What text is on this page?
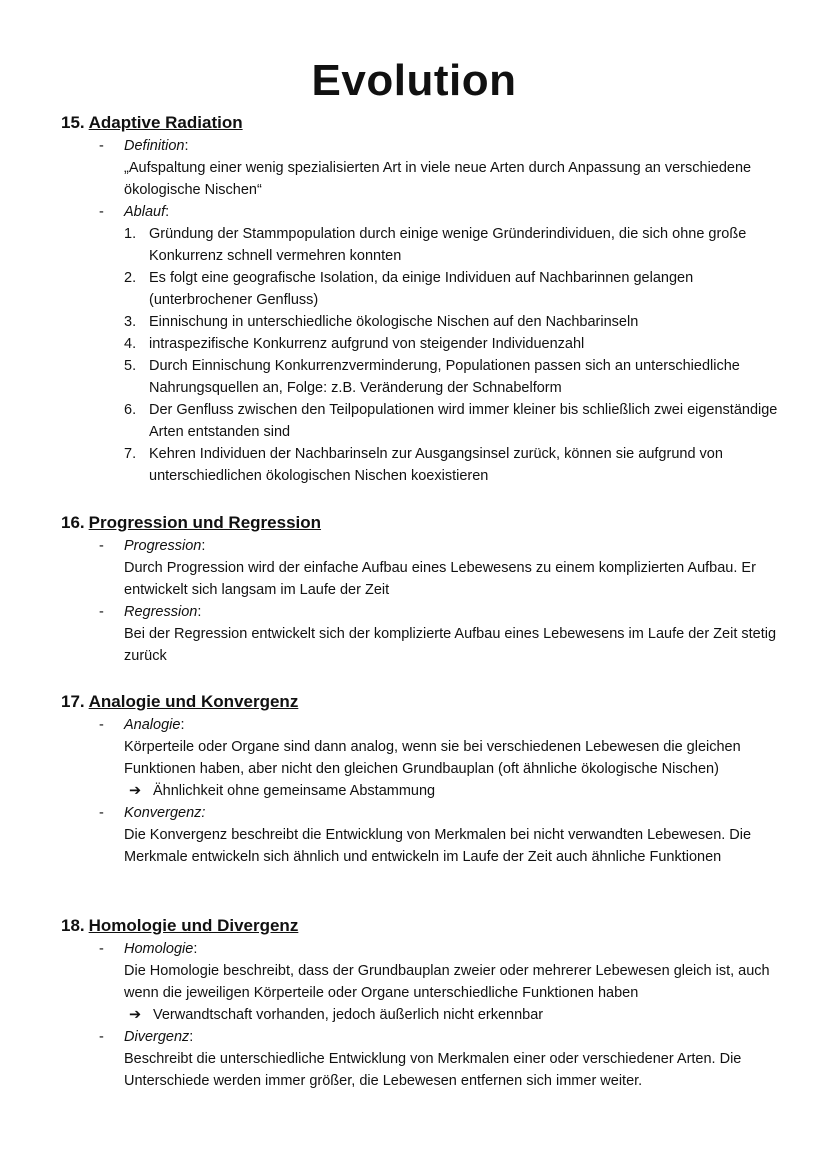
Evolution
15. Adaptive Radiation
- Definition:
„Aufspaltung einer wenig spezialisierten Art in viele neue Arten durch Anpassung an verschiedene ökologische Nischen“
- Ablauf:
1. Gründung der Stammpopulation durch einige wenige Gründerindividuen, die sich ohne große Konkurrenz schnell vermehren konnten
2. Es folgt eine geografische Isolation, da einige Individuen auf Nachbarinnen gelangen (unterbrochener Genfluss)
3. Einnischung in unterschiedliche ökologische Nischen auf den Nachbarinseln
4. intraspezifische Konkurrenz aufgrund von steigender Individuenzahl
5. Durch Einnischung Konkurrenzverminderung, Populationen passen sich an unterschiedliche Nahrungsquellen an, Folge: z.B. Veränderung der Schnabelform
6. Der Genfluss zwischen den Teilpopulationen wird immer kleiner bis schließlich zwei eigenständige Arten entstanden sind
7. Kehren Individuen der Nachbarinseln zur Ausgangsinsel zurück, können sie aufgrund von unterschiedlichen ökologischen Nischen koexistieren
16. Progression und Regression
- Progression:
Durch Progression wird der einfache Aufbau eines Lebewesens zu einem komplizierten Aufbau. Er entwickelt sich langsam im Laufe der Zeit
- Regression:
Bei der Regression entwickelt sich der komplizierte Aufbau eines Lebewesens im Laufe der Zeit stetig zurück
17. Analogie und Konvergenz
- Analogie:
Körperteile oder Organe sind dann analog, wenn sie bei verschiedenen Lebewesen die gleichen Funktionen haben, aber nicht den gleichen Grundbauplan (oft ähnliche ökologische Nischen)
➔ Ähnlichkeit ohne gemeinsame Abstammung
- Konvergenz:
Die Konvergenz beschreibt die Entwicklung von Merkmalen bei nicht verwandten Lebewesen. Die Merkmale entwickeln sich ähnlich und entwickeln im Laufe der Zeit auch ähnliche Funktionen
18. Homologie und Divergenz
- Homologie:
Die Homologie beschreibt, dass der Grundbauplan zweier oder mehrerer Lebewesen gleich ist, auch wenn die jeweiligen Körperteile oder Organe unterschiedliche Funktionen haben
➔ Verwandtschaft vorhanden, jedoch äußerlich nicht erkennbar
- Divergenz:
Beschreibt die unterschiedliche Entwicklung von Merkmalen einer oder verschiedener Arten. Die Unterschiede werden immer größer, die Lebewesen entfernen sich immer weiter.
